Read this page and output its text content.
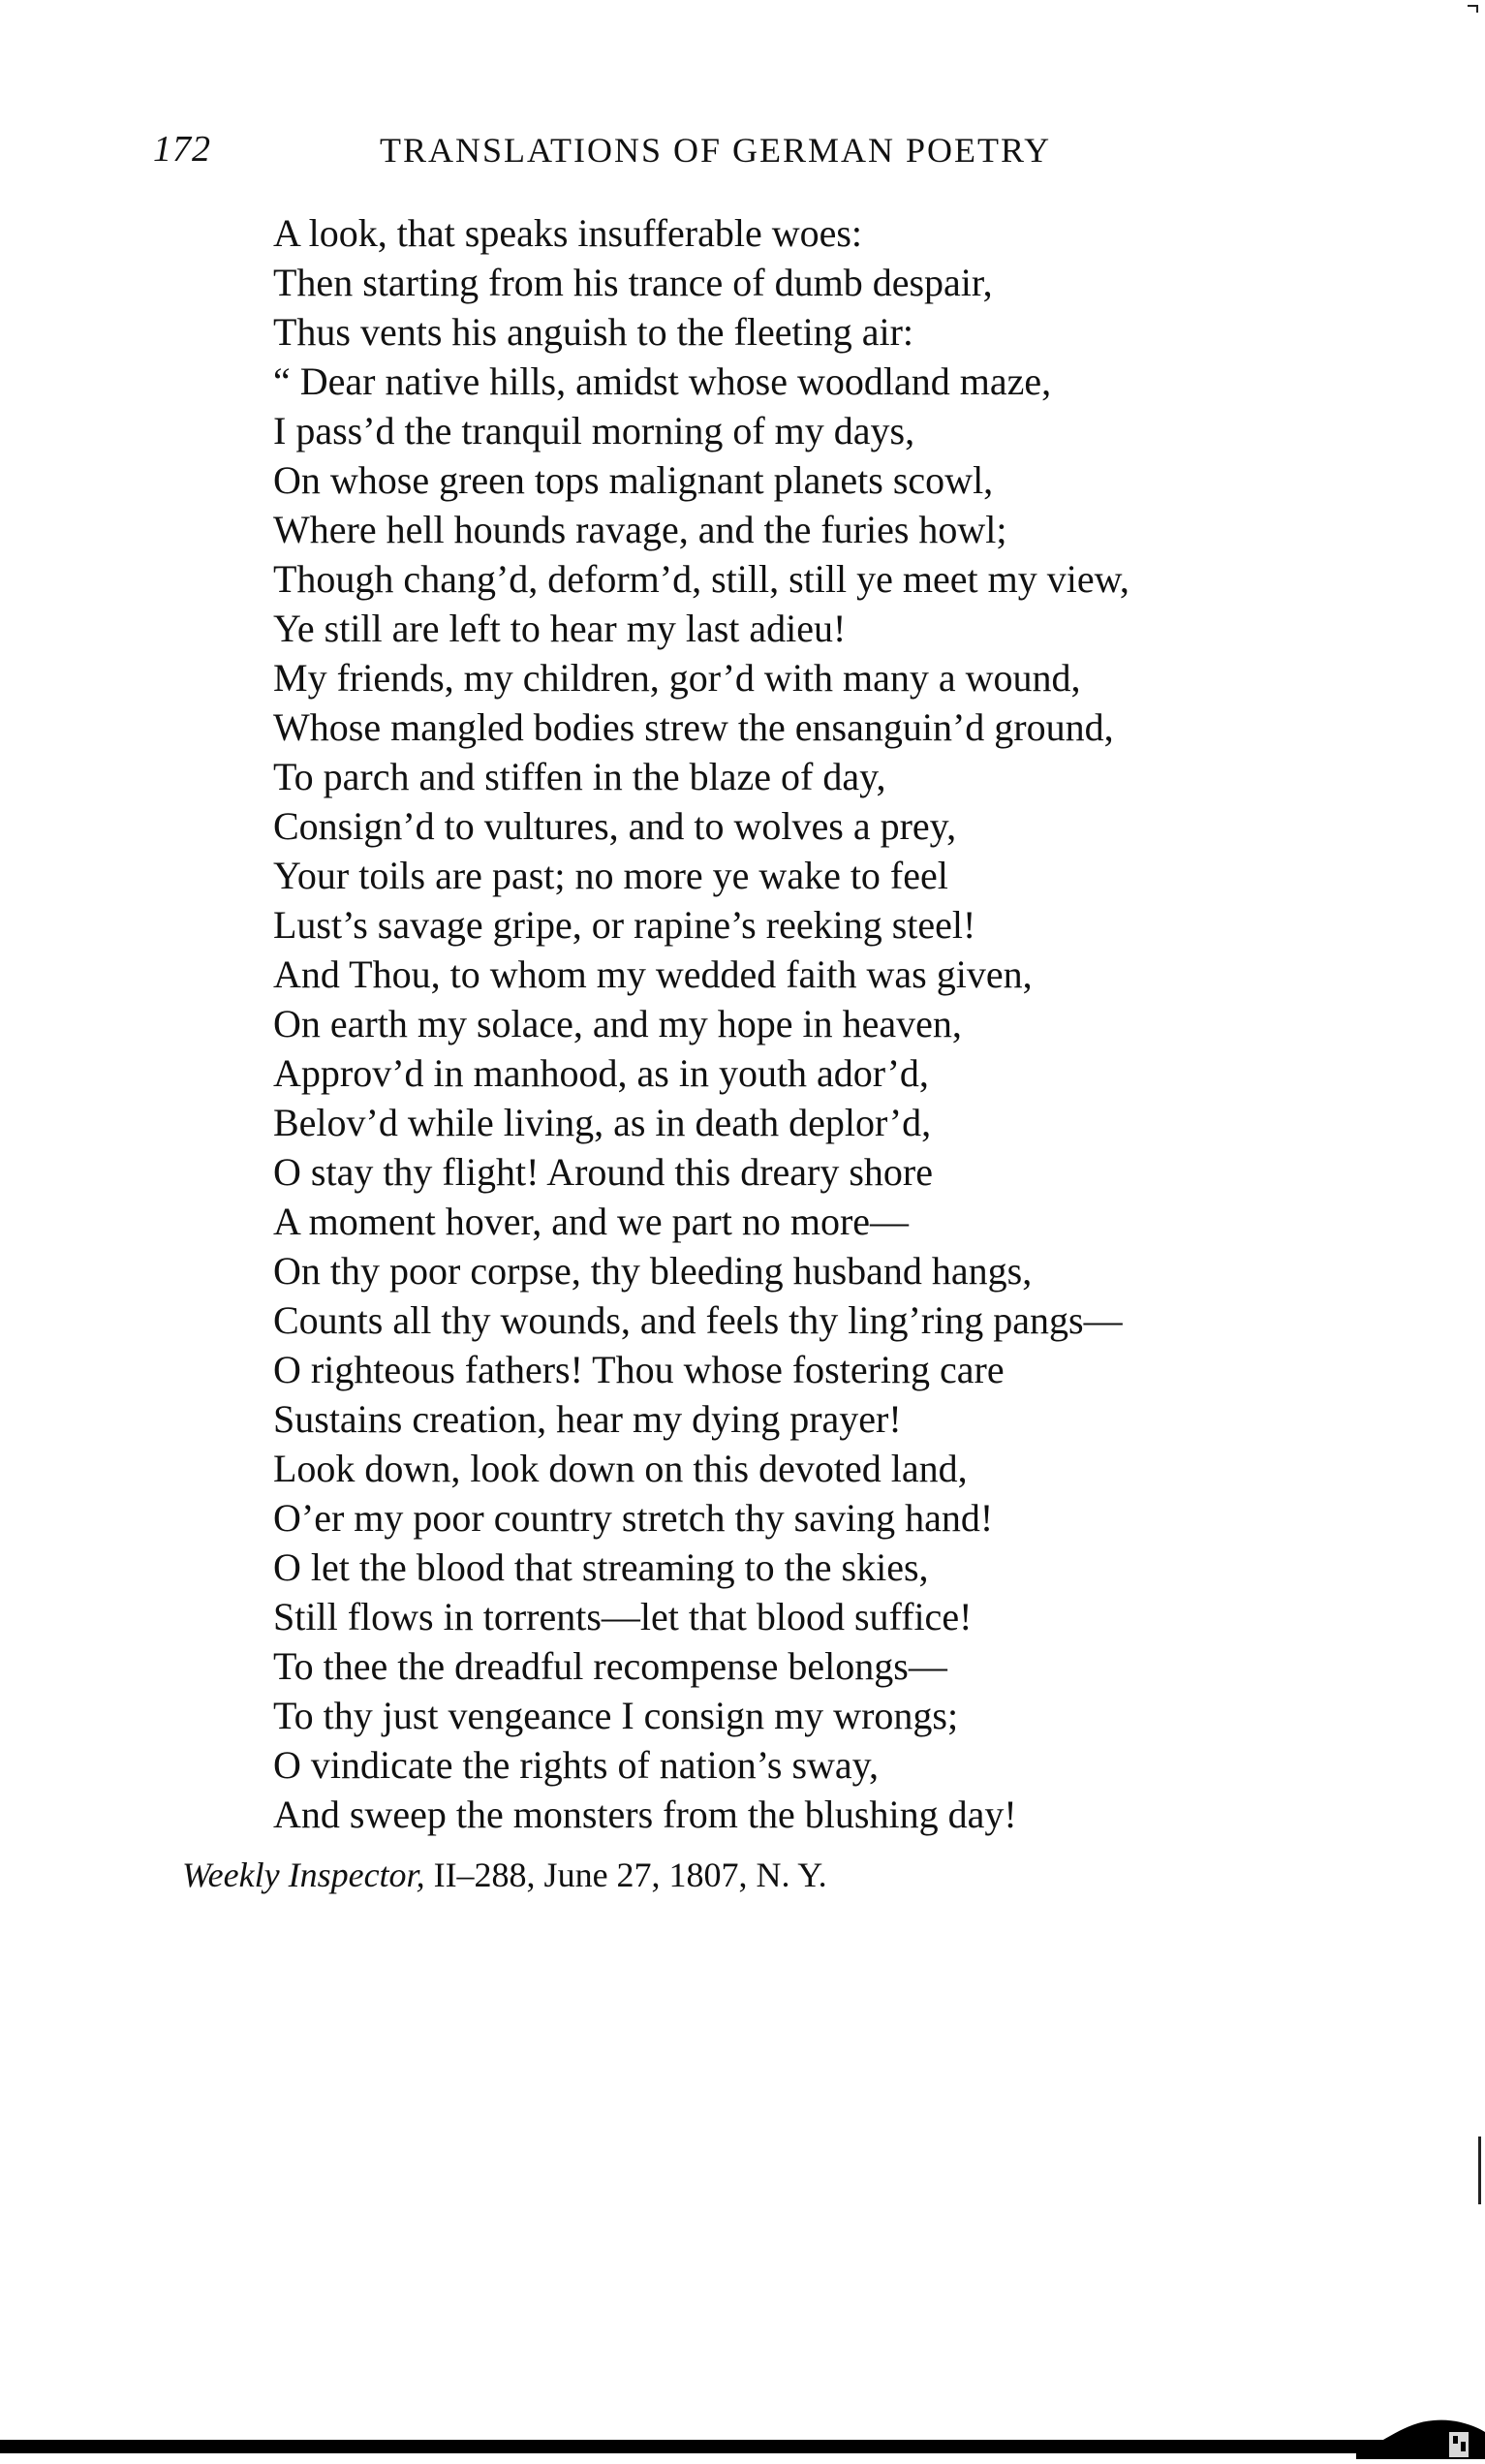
172	TRANSLATIONS OF GERMAN POETRY
A look, that speaks insufferable woes:
Then starting from his trance of dumb despair,
Thus vents his anguish to the fleeting air:
“ Dear native hills, amidst whose woodland maze,
I pass’d the tranquil morning of my days,
On whose green tops malignant planets scowl,
Where hell hounds ravage, and the furies howl;
Though chang’d, deform’d, still, still ye meet my view,
Ye still are left to hear my last adieu!
My friends, my children, gor’d with many a wound,
Whose mangled bodies strew the ensanguin’d ground,
To parch and stiffen in the blaze of day,
Consign’d to vultures, and to wolves a prey,
Your toils are past; no more ye wake to feel
Lust’s savage gripe, or rapine’s reeking steel!
And Thou, to whom my wedded faith was given,
On earth my solace, and my hope in heaven,
Approv’d in manhood, as in youth ador’d,
Belov’d while living, as in death deplor’d,
O stay thy flight! Around this dreary shore
A moment hover, and we part no more—
On thy poor corpse, thy bleeding husband hangs,
Counts all thy wounds, and feels thy ling’ring pangs—
O righteous fathers! Thou whose fostering care
Sustains creation, hear my dying prayer!
Look down, look down on this devoted land,
O’er my poor country stretch thy saving hand!
O let the blood that streaming to the skies,
Still flows in torrents—let that blood suffice!
To thee the dreadful recompense belongs—
To thy just vengeance I consign my wrongs;
O vindicate the rights of nation’s sway,
And sweep the monsters from the blushing day!
Weekly Inspector, II–288, June 27, 1807, N. Y.
